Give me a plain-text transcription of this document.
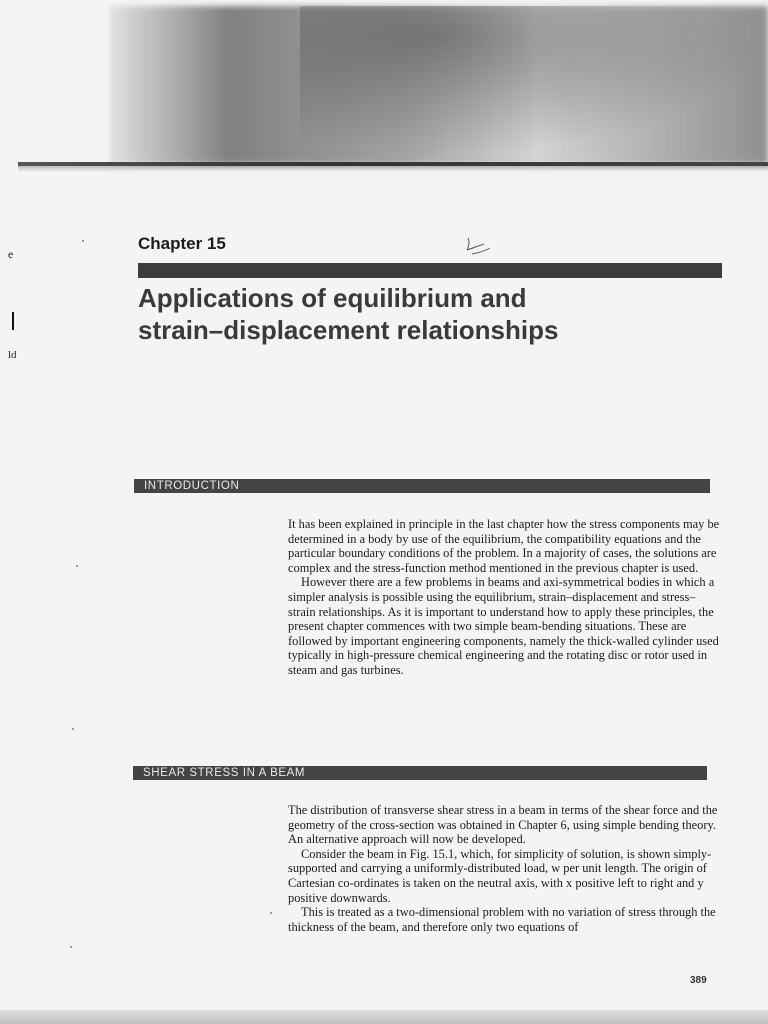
e
ld
Chapter 15
Applications of equilibrium and
strain–displacement relationships
INTRODUCTION

It has been explained in principle in the last chapter how the stress components may be determined in a body by use of the equilibrium, the compatibility equations and the particular boundary conditions of the problem. In a majority of cases, the solutions are complex and the stress-function method mentioned in the previous chapter is used.

However there are a few problems in beams and axi-symmetrical bodies in which a simpler analysis is possible using the equilibrium, strain–displacement and stress–strain relationships. As it is important to understand how to apply these principles, the present chapter commences with two simple beam-bending situations. These are followed by important engineering components, namely the thick-walled cylinder used typically in high-pressure chemical engineering and the rotating disc or rotor used in steam and gas turbines.

SHEAR STRESS IN A BEAM

The distribution of transverse shear stress in a beam in terms of the shear force and the geometry of the cross-section was obtained in Chapter 6, using simple bending theory. An alternative approach will now be developed.

Consider the beam in Fig. 15.1, which, for simplicity of solution, is shown simply-supported and carrying a uniformly-distributed load, w per unit length. The origin of Cartesian co-ordinates is taken on the neutral axis, with x positive left to right and y positive downwards.

This is treated as a two-dimensional problem with no variation of stress through the thickness of the beam, and therefore only two equations of

389
